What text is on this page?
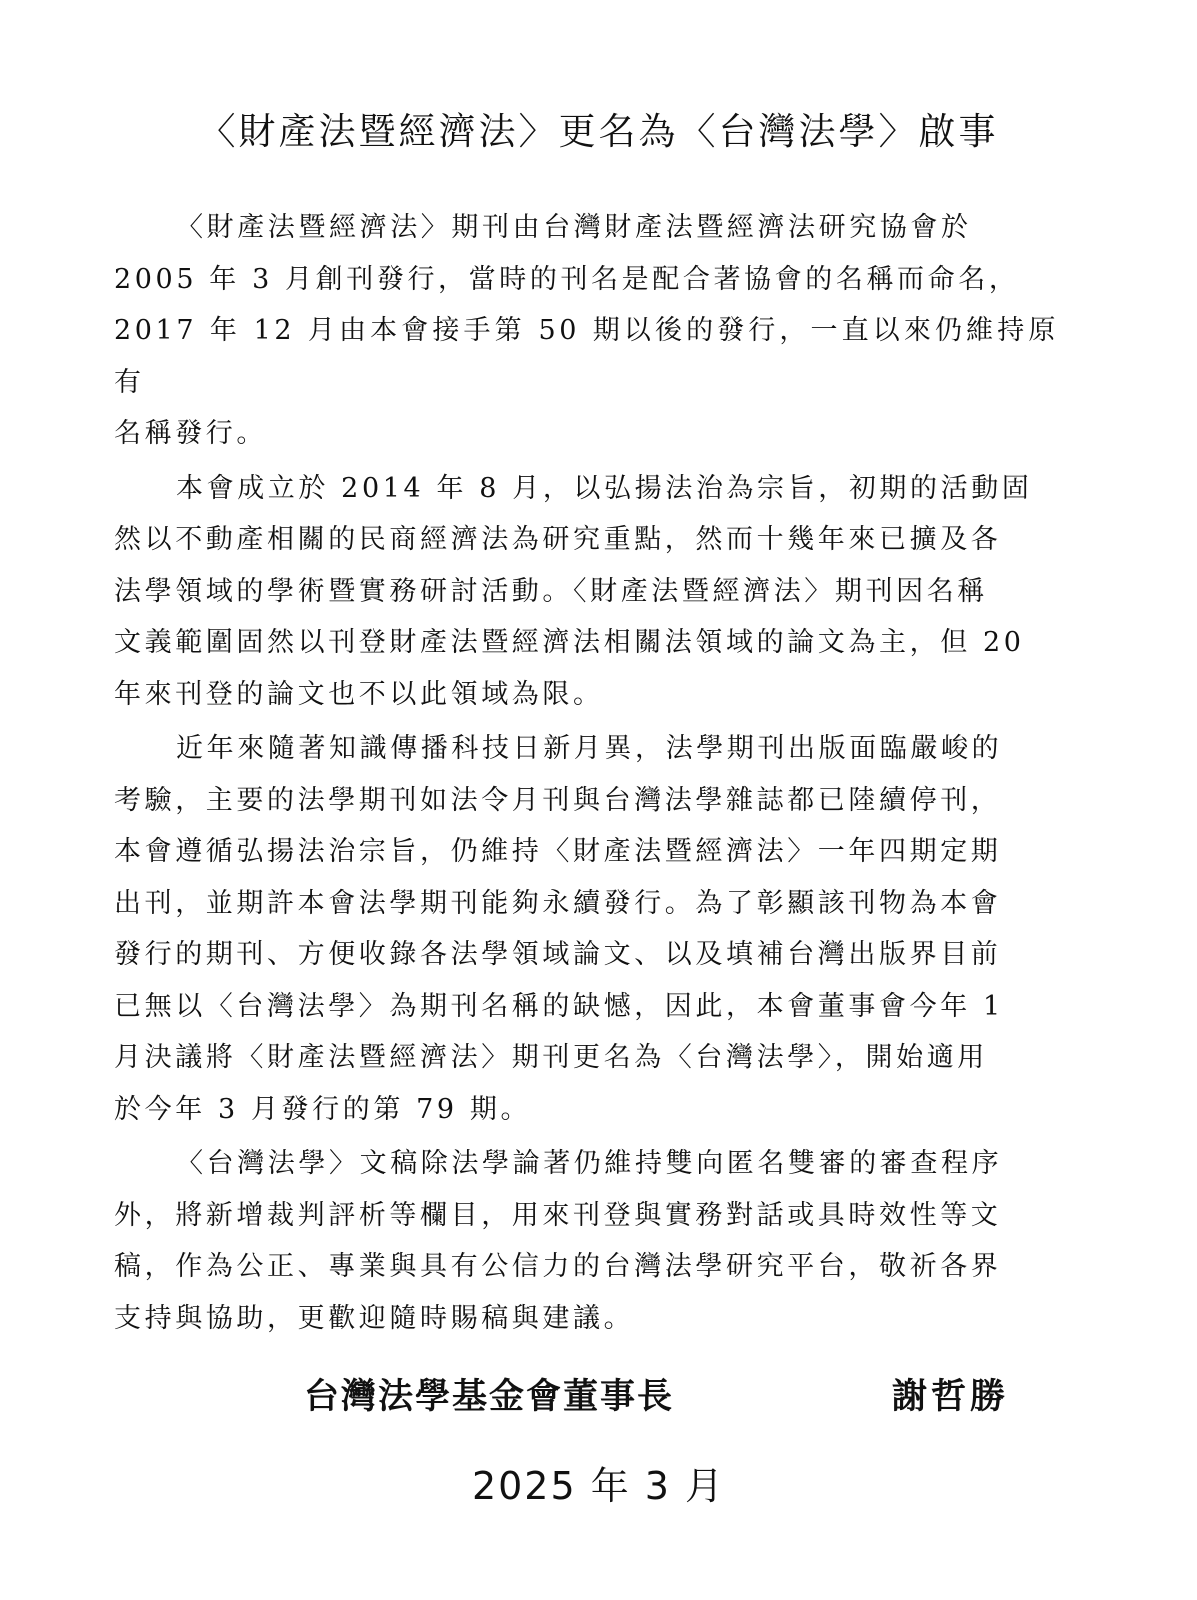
〈財產法暨經濟法〉更名為〈台灣法學〉啟事

〈財產法暨經濟法〉期刊由台灣財產法暨經濟法研究協會於
2005 年 3 月創刊發行，當時的刊名是配合著協會的名稱而命名，
2017 年 12 月由本會接手第 50 期以後的發行，一直以來仍維持原有
名稱發行。

本會成立於 2014 年 8 月，以弘揚法治為宗旨，初期的活動固
然以不動產相關的民商經濟法為研究重點，然而十幾年來已擴及各
法學領域的學術暨實務研討活動。〈財產法暨經濟法〉期刊因名稱
文義範圍固然以刊登財產法暨經濟法相關法領域的論文為主，但 20
年來刊登的論文也不以此領域為限。

近年來隨著知識傳播科技日新月異，法學期刊出版面臨嚴峻的
考驗，主要的法學期刊如法令月刊與台灣法學雜誌都已陸續停刊，
本會遵循弘揚法治宗旨，仍維持〈財產法暨經濟法〉一年四期定期
出刊，並期許本會法學期刊能夠永續發行。為了彰顯該刊物為本會
發行的期刊、方便收錄各法學領域論文、以及填補台灣出版界目前
已無以〈台灣法學〉為期刊名稱的缺憾，因此，本會董事會今年 1
月決議將〈財產法暨經濟法〉期刊更名為〈台灣法學〉，開始適用
於今年 3 月發行的第 79 期。

〈台灣法學〉文稿除法學論著仍維持雙向匿名雙審的審查程序
外，將新增裁判評析等欄目，用來刊登與實務對話或具時效性等文
稿，作為公正、專業與具有公信力的台灣法學研究平台，敬祈各界
支持與協助，更歡迎隨時賜稿與建議。

台灣法學基金會董事長	謝哲勝
2025 年 3 月
